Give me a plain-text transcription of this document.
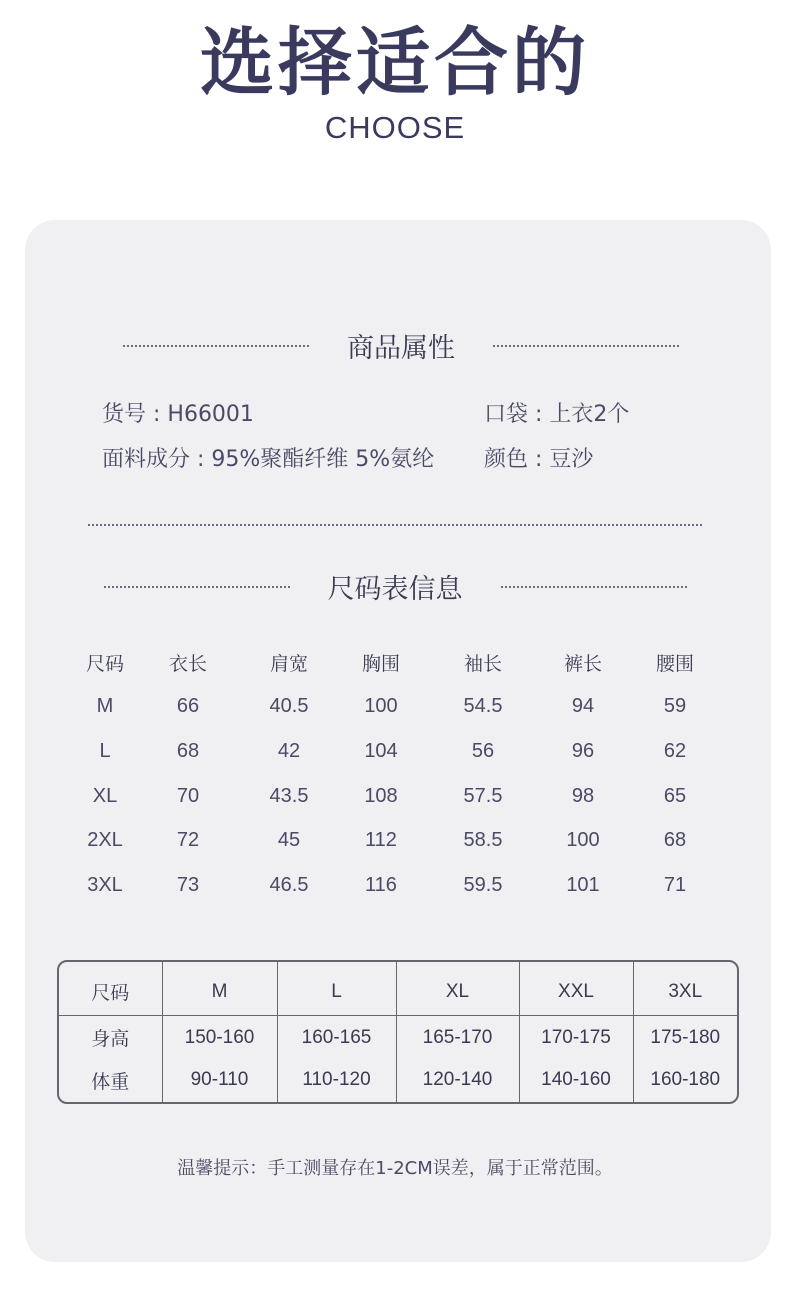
选择适合的
CHOOSE
商品属性
货号 : H66001	口袋 : 上衣2个
面料成分 : 95%聚酯纤维 5%氨纶 颜色 : 豆沙
尺码表信息
尺码	衣长	肩宽	胸围	袖长	裤长	腰围
M	66	40.5	100	54.5	94	59
L	68	42	104	56	96	62
XL	70	43.5	108	57.5	98	65
2XL	72	45	112	58.5	100	68
3XL	73	46.5	116	59.5	101	71
尺码	M	L	XL	XXL	3XL
身高	150-160	160-165	165-170	170-175	175-180
体重	90-110	110-120	120-140	140-160	160-180
温馨提示：手工测量存在1-2CM误差，属于正常范围。
